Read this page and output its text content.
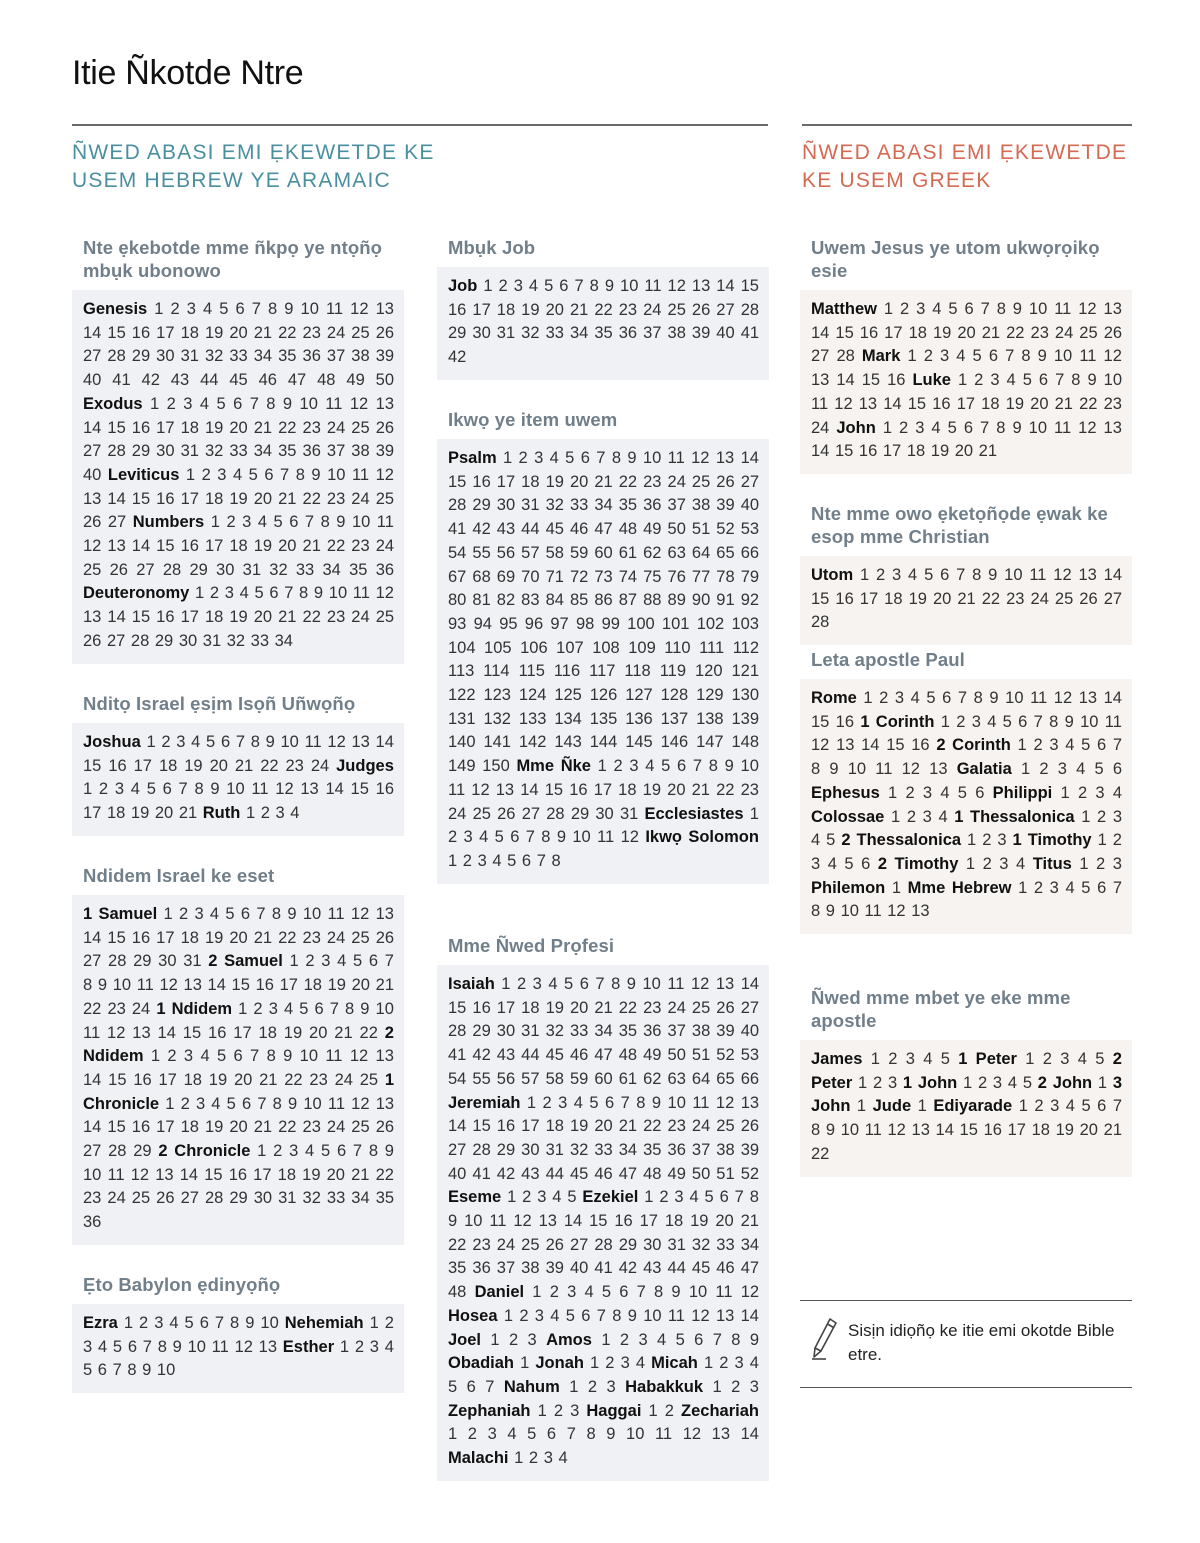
Itie Ñkotde Ntre
ÑWED ABASI EMI ẸKEWETDE KE USEM HEBREW YE ARAMAIC
ÑWED ABASI EMI ẸKEWETDE KE USEM GREEK
Nte ẹkebotde mme ñkpọ ye ntọñọ mbụk ubonowo

Genesis 1 2 3 4 5 6 7 8 9 10 11 12 13 14 15 16 17 18 19 20 21 22 23 24 25 26 27 28 29 30 31 32 33 34 35 36 37 38 39 40 41 42 43 44 45 46 47 48 49 50 Exodus 1 2 3 4 5 6 7 8 9 10 11 12 13 14 15 16 17 18 19 20 21 22 23 24 25 26 27 28 29 30 31 32 33 34 35 36 37 38 39 40 Leviticus 1 2 3 4 5 6 7 8 9 10 11 12 13 14 15 16 17 18 19 20 21 22 23 24 25 26 27 Numbers 1 2 3 4 5 6 7 8 9 10 11 12 13 14 15 16 17 18 19 20 21 22 23 24 25 26 27 28 29 30 31 32 33 34 35 36 Deuteronomy 1 2 3 4 5 6 7 8 9 10 11 12 13 14 15 16 17 18 19 20 21 22 23 24 25 26 27 28 29 30 31 32 33 34

Nditọ Israel ẹsịm Isọñ Uñwọñọ

Joshua 1 2 3 4 5 6 7 8 9 10 11 12 13 14 15 16 17 18 19 20 21 22 23 24 Judges 1 2 3 4 5 6 7 8 9 10 11 12 13 14 15 16 17 18 19 20 21 Ruth 1 2 3 4

Ndidem Israel ke eset

1 Samuel 1 2 3 4 5 6 7 8 9 10 11 12 13 14 15 16 17 18 19 20 21 22 23 24 25 26 27 28 29 30 31 2 Samuel 1 2 3 4 5 6 7 8 9 10 11 12 13 14 15 16 17 18 19 20 21 22 23 24 1 Ndidem 1 2 3 4 5 6 7 8 9 10 11 12 13 14 15 16 17 18 19 20 21 22 2 Ndidem 1 2 3 4 5 6 7 8 9 10 11 12 13 14 15 16 17 18 19 20 21 22 23 24 25 1 Chronicle 1 2 3 4 5 6 7 8 9 10 11 12 13 14 15 16 17 18 19 20 21 22 23 24 25 26 27 28 29 2 Chronicle 1 2 3 4 5 6 7 8 9 10 11 12 13 14 15 16 17 18 19 20 21 22 23 24 25 26 27 28 29 30 31 32 33 34 35 36

Ẹto Babylon ẹdinyọñọ

Ezra 1 2 3 4 5 6 7 8 9 10 Nehemiah 1 2 3 4 5 6 7 8 9 10 11 12 13 Esther 1 2 3 4 5 6 7 8 9 10

Mbụk Job

Job 1 2 3 4 5 6 7 8 9 10 11 12 13 14 15 16 17 18 19 20 21 22 23 24 25 26 27 28 29 30 31 32 33 34 35 36 37 38 39 40 41 42

Ikwọ ye item uwem

Psalm 1 2 3 4 5 6 7 8 9 10 11 12 13 14 15 16 17 18 19 20 21 22 23 24 25 26 27 28 29 30 31 32 33 34 35 36 37 38 39 40 41 42 43 44 45 46 47 48 49 50 51 52 53 54 55 56 57 58 59 60 61 62 63 64 65 66 67 68 69 70 71 72 73 74 75 76 77 78 79 80 81 82 83 84 85 86 87 88 89 90 91 92 93 94 95 96 97 98 99 100 101 102 103 104 105 106 107 108 109 110 111 112 113 114 115 116 117 118 119 120 121 122 123 124 125 126 127 128 129 130 131 132 133 134 135 136 137 138 139 140 141 142 143 144 145 146 147 148 149 150 Mme Ñke 1 2 3 4 5 6 7 8 9 10 11 12 13 14 15 16 17 18 19 20 21 22 23 24 25 26 27 28 29 30 31 Ecclesiastes 1 2 3 4 5 6 7 8 9 10 11 12 Ikwọ Solomon 1 2 3 4 5 6 7 8

Mme Ñwed Prọfesi

Isaiah 1 2 3 4 5 6 7 8 9 10 11 12 13 14 15 16 17 18 19 20 21 22 23 24 25 26 27 28 29 30 31 32 33 34 35 36 37 38 39 40 41 42 43 44 45 46 47 48 49 50 51 52 53 54 55 56 57 58 59 60 61 62 63 64 65 66 Jeremiah 1 2 3 4 5 6 7 8 9 10 11 12 13 14 15 16 17 18 19 20 21 22 23 24 25 26 27 28 29 30 31 32 33 34 35 36 37 38 39 40 41 42 43 44 45 46 47 48 49 50 51 52 Eseme 1 2 3 4 5 Ezekiel 1 2 3 4 5 6 7 8 9 10 11 12 13 14 15 16 17 18 19 20 21 22 23 24 25 26 27 28 29 30 31 32 33 34 35 36 37 38 39 40 41 42 43 44 45 46 47 48 Daniel 1 2 3 4 5 6 7 8 9 10 11 12 Hosea 1 2 3 4 5 6 7 8 9 10 11 12 13 14 Joel 1 2 3 Amos 1 2 3 4 5 6 7 8 9 Obadiah 1 Jonah 1 2 3 4 Micah 1 2 3 4 5 6 7 Nahum 1 2 3 Habakkuk 1 2 3 Zephaniah 1 2 3 Haggai 1 2 Zechariah 1 2 3 4 5 6 7 8 9 10 11 12 13 14 Malachi 1 2 3 4

Uwem Jesus ye utom ukwọrọikọ esie

Matthew 1 2 3 4 5 6 7 8 9 10 11 12 13 14 15 16 17 18 19 20 21 22 23 24 25 26 27 28 Mark 1 2 3 4 5 6 7 8 9 10 11 12 13 14 15 16 Luke 1 2 3 4 5 6 7 8 9 10 11 12 13 14 15 16 17 18 19 20 21 22 23 24 John 1 2 3 4 5 6 7 8 9 10 11 12 13 14 15 16 17 18 19 20 21

Nte mme owo ẹketọñọde ẹwak ke esop mme Christian

Utom 1 2 3 4 5 6 7 8 9 10 11 12 13 14 15 16 17 18 19 20 21 22 23 24 25 26 27 28

Leta apostle Paul

Rome 1 2 3 4 5 6 7 8 9 10 11 12 13 14 15 16 1 Corinth 1 2 3 4 5 6 7 8 9 10 11 12 13 14 15 16 2 Corinth 1 2 3 4 5 6 7 8 9 10 11 12 13 Galatia 1 2 3 4 5 6 Ephesus 1 2 3 4 5 6 Philippi 1 2 3 4 Colossae 1 2 3 4 1 Thessalonica 1 2 3 4 5 2 Thessalonica 1 2 3 1 Timothy 1 2 3 4 5 6 2 Timothy 1 2 3 4 Titus 1 2 3 Philemon 1 Mme Hebrew 1 2 3 4 5 6 7 8 9 10 11 12 13

Ñwed mme mbet ye eke mme apostle

James 1 2 3 4 5 1 Peter 1 2 3 4 5 2 Peter 1 2 3 1 John 1 2 3 4 5 2 John 1 3 John 1 Jude 1 Ediyarade 1 2 3 4 5 6 7 8 9 10 11 12 13 14 15 16 17 18 19 20 21 22

Sisịn idiọñọ ke itie emi okotde Bible etre.
